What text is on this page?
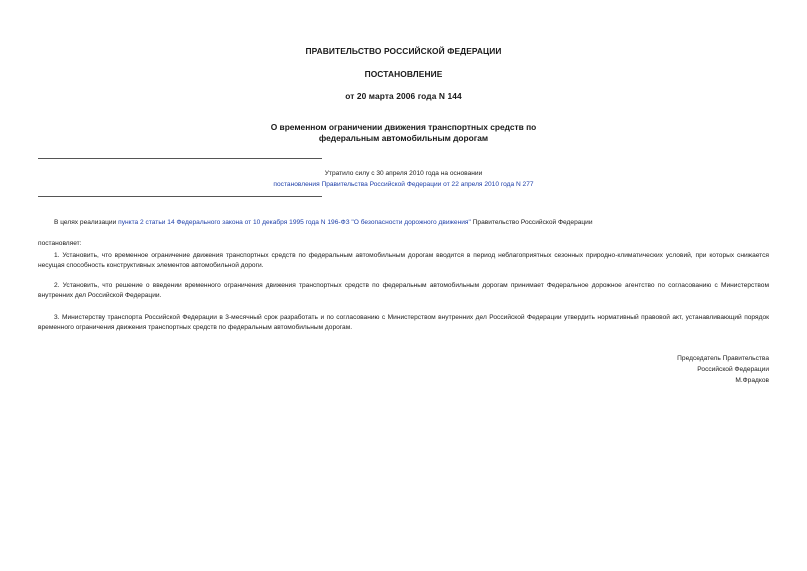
ПРАВИТЕЛЬСТВО РОССИЙСКОЙ ФЕДЕРАЦИИ
ПОСТАНОВЛЕНИЕ
от 20 марта 2006 года N 144
О временном ограничении движения транспортных средств по
федеральным автомобильным дорогам
Утратило силу с 30 апреля 2010 года на основании
постановления Правительства Российской Федерации от 22 апреля 2010 года N 277
В целях реализации пункта 2 статьи 14 Федерального закона от 10 декабря 1995 года N 196-ФЗ "О безопасности дорожного движения" Правительство Российской Федерации
постановляет:
1. Установить, что временное ограничение движения транспортных средств по федеральным автомобильным дорогам вводится в период неблагоприятных сезонных природно-климатических условий, при которых снижается несущая способность конструктивных элементов автомобильной дороги.
2. Установить, что решение о введении временного ограничения движения транспортных средств по федеральным автомобильным дорогам принимает Федеральное дорожное агентство по согласованию с Министерством внутренних дел Российской Федерации.
3. Министерству транспорта Российской Федерации в 3-месячный срок разработать и по согласованию с Министерством внутренних дел Российской Федерации утвердить нормативный правовой акт, устанавливающий порядок временного ограничения движения транспортных средств по федеральным автомобильным дорогам.
Председатель Правительства
Российской Федерации
М.Фрадков
